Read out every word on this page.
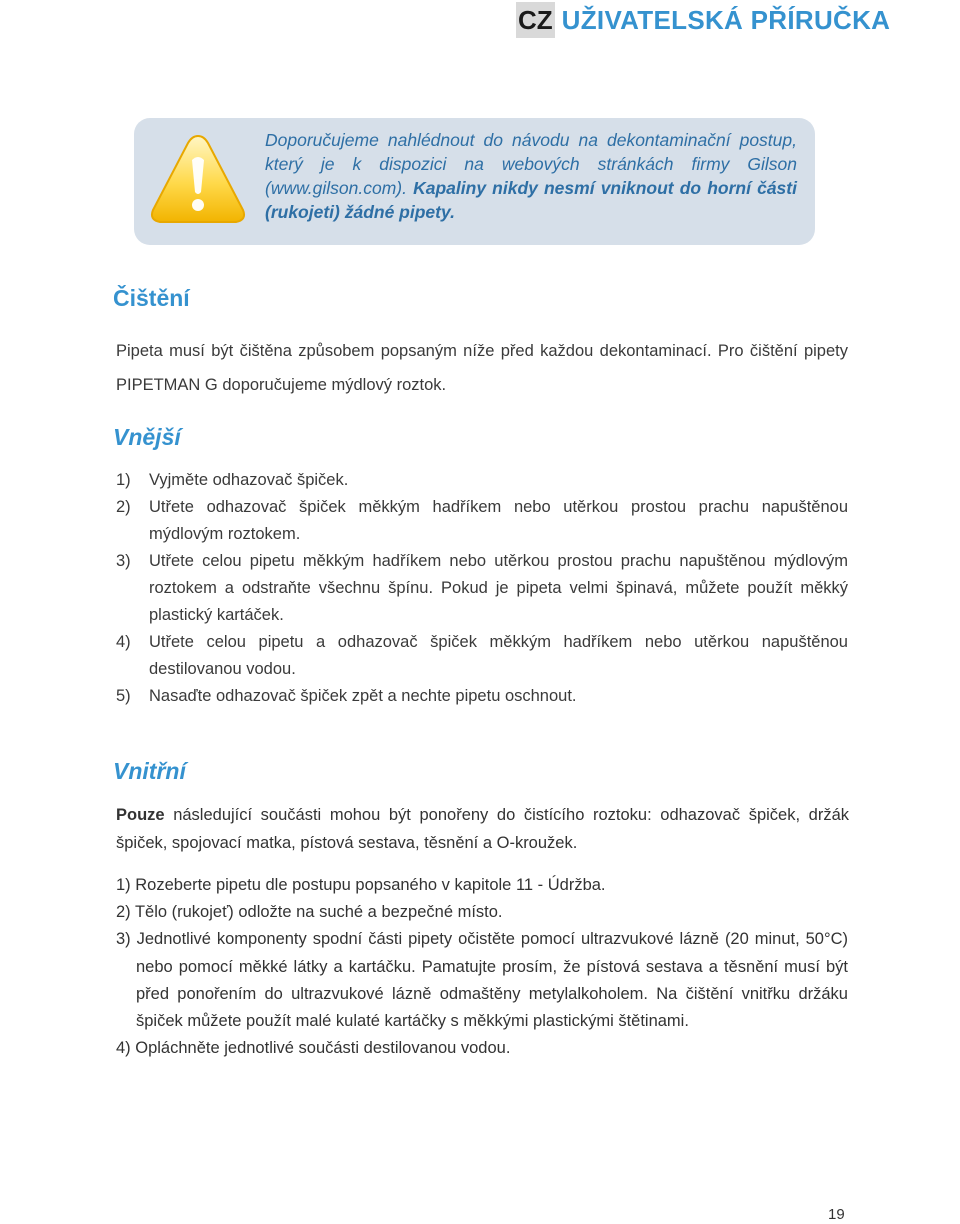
CZ UŽIVATELSKÁ PŘÍRUČKA
Doporučujeme nahlédnout do návodu na dekontaminační postup, který je k dispozici na webových stránkách firmy Gilson (www.gilson.com). Kapaliny nikdy nesmí vniknout do horní části (rukojeti) žádné pipety.
Čištění
Pipeta musí být čištěna způsobem popsaným níže před každou dekontaminací. Pro čištění pipety PIPETMAN G doporučujeme mýdlový roztok.
Vnější
1) Vyjměte odhazovač špiček.
2) Utřete odhazovač špiček měkkým hadříkem nebo utěrkou prostou prachu napuštěnou mýdlovým roztokem.
3) Utřete celou pipetu měkkým hadříkem nebo utěrkou prostou prachu napuštěnou mýdlovým roztokem a odstraňte všechnu špínu. Pokud je pipeta velmi špinavá, můžete použít měkký plastický kartáček.
4) Utřete celou pipetu a odhazovač špiček měkkým hadříkem nebo utěrkou napuštěnou destilovanou vodou.
5) Nasaďte odhazovač špiček zpět a nechte pipetu oschnout.
Vnitřní
Pouze následující součásti mohou být ponořeny do čistícího roztoku: odhazovač špiček, držák špiček, spojovací matka, pístová sestava, těsnění a O-kroužek.
1) Rozeberte pipetu dle postupu popsaného v kapitole 11 - Údržba.
2) Tělo (rukojeť) odložte na suché a bezpečné místo.
3) Jednotlivé komponenty spodní části pipety očistěte pomocí ultrazvukové lázně (20 minut, 50°C) nebo pomocí měkké látky a kartáčku. Pamatujte prosím, že pístová sestava a těsnění musí být před ponořením do ultrazvukové lázně odmaštěny metylalkoholem. Na čištění vnitřku držáku špiček můžete použít malé kulaté kartáčky s měkkými plastickými štětinami.
4) Opláchněte jednotlivé součásti destilovanou vodou.
19
